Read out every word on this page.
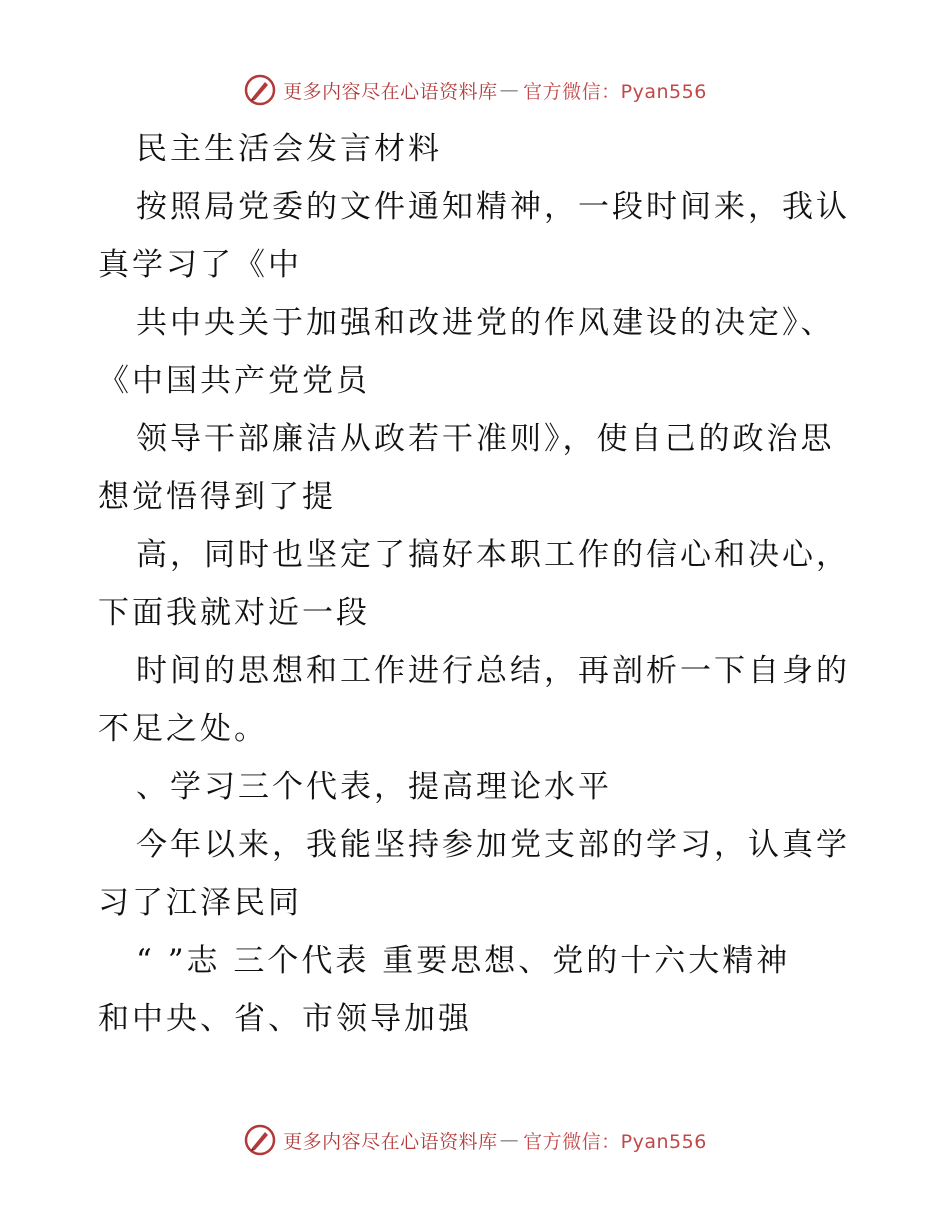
更多内容尽在心语资料库 — 官方微信：Pyan556
民主生活会发言材料
按照局党委的文件通知精神，一段时间来，我认
真学习了《中
共中央关于加强和改进党的作风建设的决定》、
《中国共产党党员
领导干部廉洁从政若干准则》，使自己的政治思
想觉悟得到了提
高，同时也坚定了搞好本职工作的信心和决心，
下面我就对近一段
时间的思想和工作进行总结，再剖析一下自身的
不足之处。
、学习三个代表，提高理论水平
今年以来，我能坚持参加党支部的学习，认真学
习了江泽民同
“ ”志 三个代表 重要思想、党的十六大精神
和中央、省、市领导加强
更多内容尽在心语资料库 — 官方微信：Pyan556
